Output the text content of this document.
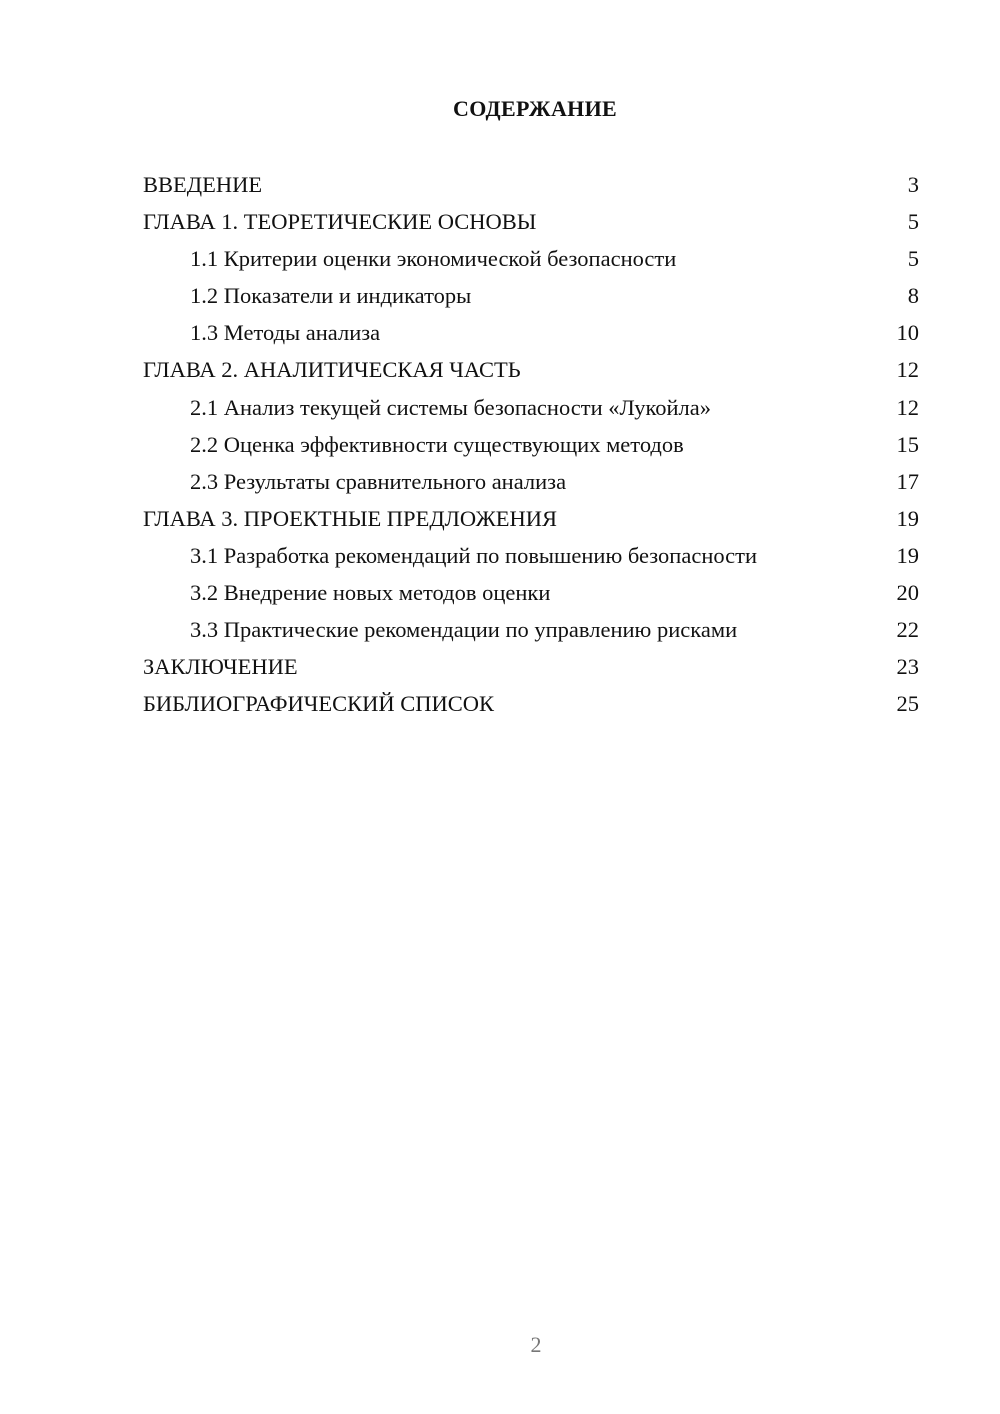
СОДЕРЖАНИЕ
ВВЕДЕНИЕ	3
ГЛАВА 1. ТЕОРЕТИЧЕСКИЕ ОСНОВЫ	5
1.1 Критерии оценки экономической безопасности	5
1.2 Показатели и индикаторы	8
1.3 Методы анализа	10
ГЛАВА 2. АНАЛИТИЧЕСКАЯ ЧАСТЬ	12
2.1 Анализ текущей системы безопасности «Лукойла»	12
2.2 Оценка эффективности существующих методов	15
2.3 Результаты сравнительного анализа	17
ГЛАВА 3. ПРОЕКТНЫЕ ПРЕДЛОЖЕНИЯ	19
3.1 Разработка рекомендаций по повышению безопасности	19
3.2 Внедрение новых методов оценки	20
3.3 Практические рекомендации по управлению рисками	22
ЗАКЛЮЧЕНИЕ	23
БИБЛИОГРАФИЧЕСКИЙ СПИСОК	25
2
